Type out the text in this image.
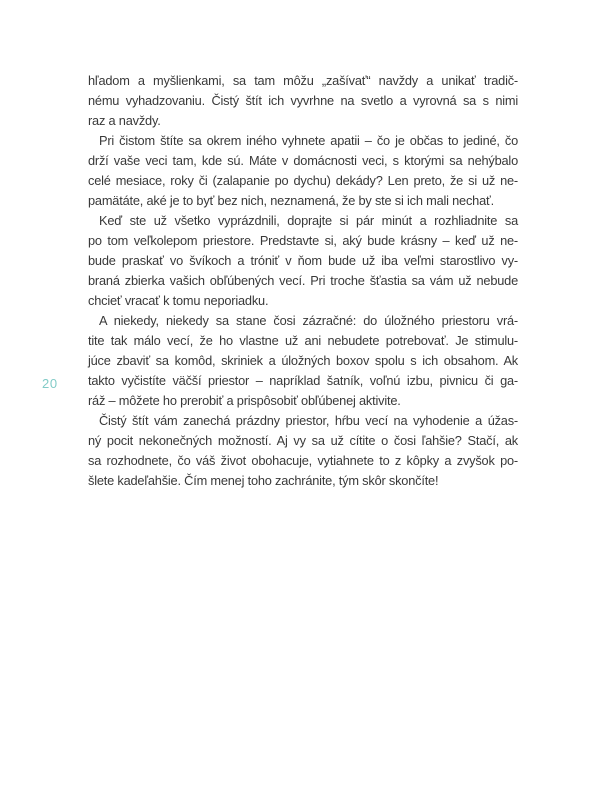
20
hľadom a myšlienkami, sa tam môžu „zašívať“ navždy a unikať tradič-
nému vyhadzovaniu. Čistý štít ich vyvrhne na svetlo a vyrovná sa s nimi
raz a navždy.
Pri čistom štíte sa okrem iného vyhnete apatii – čo je občas to jediné, čo
drží vaše veci tam, kde sú. Máte v domácnosti veci, s ktorými sa nehýbalo
celé mesiace, roky či (zalapanie po dychu) dekády? Len preto, že si už ne-
pamätáte, aké je to byť bez nich, neznamená, že by ste si ich mali nechať.
Keď ste už všetko vyprázdnili, doprajte si pár minút a rozhliadnite sa
po tom veľkolepom priestore. Predstavte si, aký bude krásny – keď už ne-
bude praskať vo švíkoch a tróniť v ňom bude už iba veľmi starostlivo vy-
braná zbierka vašich obľúbených vecí. Pri troche šťastia sa vám už nebude
chcieť vracať k tomu neporiadku.
A niekedy, niekedy sa stane čosi zázračné: do úložného priestoru vrá-
tite tak málo vecí, že ho vlastne už ani nebudete potrebovať. Je stimulu-
júce zbaviť sa komôd, skriniek a úložných boxov spolu s ich obsahom. Ak
takto vyčistíte väčší priestor – napríklad šatník, voľnú izbu, pivnicu či ga-
ráž – môžete ho prerobiť a prispôsobiť obľúbenej aktivite.
Čistý štít vám zanechá prázdny priestor, hŕbu vecí na vyhodenie a úžas-
ný pocit nekonečných možností. Aj vy sa už cítite o čosi ľahšie? Stačí, ak
sa rozhodnete, čo váš život obohacuje, vytiahnete to z kôpky a zvyšok po-
šlete kadeľahšie. Čím menej toho zachránite, tým skôr skončíte!
